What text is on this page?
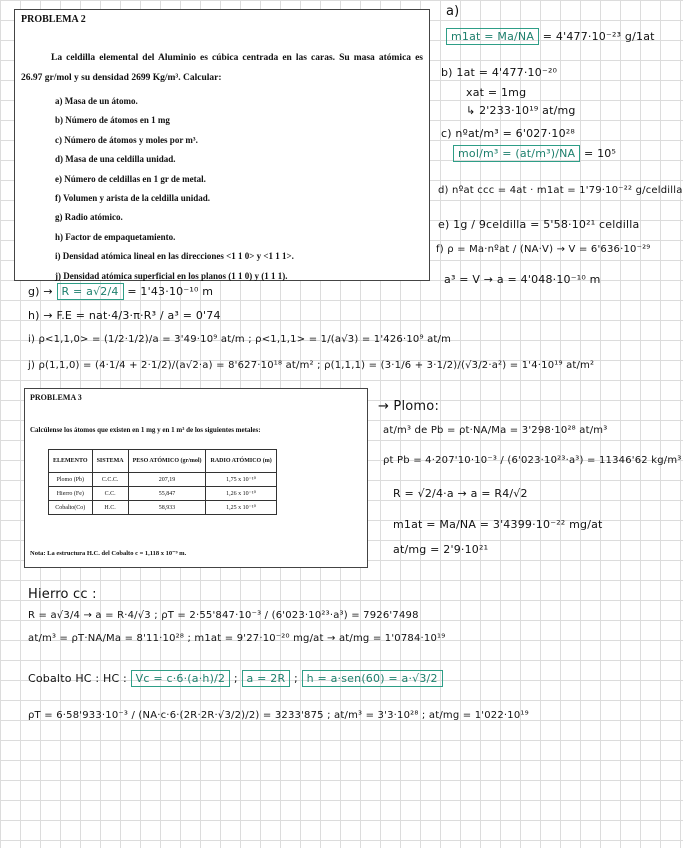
PROBLEMA 2
La celdilla elemental del Aluminio es cúbica centrada en las caras. Su masa atómica es 26.97 gr/mol y su densidad 2699 Kg/m³. Calcular:
a) Masa de un átomo.
b) Número de átomos en 1 mg
c) Número de átomos y moles por m³.
d) Masa de una celdilla unidad.
e) Número de celdillas en 1 gr de metal.
f) Volumen y arista de la celdilla unidad.
g) Radio atómico.
h) Factor de empaquetamiento.
i) Densidad atómica lineal en las direcciones <1 1 0> y <1 1 1>.
j) Densidad atómica superficial en los planos (1 1 0) y (1 1 1).
a)
m1at = Ma/NA = 4'477·10⁻²³ g/1at
b) 1at = 4'477·10⁻²⁰
xat = 1mg
↳ 2'233·10¹⁹ at/mg
c) nºat/m³ = 6'027·10²⁸
mol/m³ = (at/m³)/NA = 10⁵
d) nºat ccc = 4at · m1at = 1'79·10⁻²² g/celdilla
e) 1g / 9celdilla = 5'58·10²¹ celdilla
f) ρ = Ma·nºat / (NA·V) → V = 6'636·10⁻²⁹
a³ = V → a = 4'048·10⁻¹⁰ m
g) → R = a√2/4 = 1'43·10⁻¹⁰ m
h) → F.E = nat·4/3·π·R³ / a³ = 0'74
i) ρ<1,1,0> = (1/2·1/2)/a = 3'49·10⁹ at/m ; ρ<1,1,1> = 1/(a√3) = 1'426·10⁹ at/m
j) ρ(1,1,0) = (4·1/4 + 2·1/2)/(a√2·a) = 8'627·10¹⁸ at/m² ; ρ(1,1,1) = (3·1/6 + 3·1/2)/(√3/2·a²) = 1'4·10¹⁹ at/m²
PROBLEMA 3
Calcúlense los átomos que existen en 1 mg y en 1 m³ de los siguientes metales:
ELEMENTO	SISTEMA	PESO ATÓMICO (gr/mol)	RADIO ATÓMICO (m)
Plomo (Pb)	C.C.C.	207,19	1,75 x 10⁻¹⁰
Hierro (Fe)	C.C.	55,847	1,26 x 10⁻¹⁰
Cobalto(Co)	H.C.	58,933	1,25 x 10⁻¹⁰
Nota: La estructura H.C. del Cobalto c = 1,118 x 10⁻⁹ m.
→ Plomo:
at/m³ de Pb = ρt·NA/Ma = 3'298·10²⁸ at/m³
ρt Pb = 4·207'10·10⁻³ / (6'023·10²³·a³) = 11346'62 kg/m³
R = √2/4·a → a = R4/√2
m1at = Ma/NA = 3'4399·10⁻²² mg/at
at/mg = 2'9·10²¹
Hierro cc :
R = a√3/4 → a = R·4/√3 ; ρT = 2·55'847·10⁻³ / (6'023·10²³·a³) = 7926'7498
at/m³ = ρT·NA/Ma = 8'11·10²⁸ ; m1at = 9'27·10⁻²⁰ mg/at → at/mg = 1'0784·10¹⁹
Cobalto HC : HC : Vc = c·6·(a·h)/2 ; a = 2R ; h = a·sen(60) = a·√3/2
ρT = 6·58'933·10⁻³ / (NA·c·6·(2R·2R·√3/2)/2) = 3233'875 ; at/m³ = 3'3·10²⁸ ; at/mg = 1'022·10¹⁹
